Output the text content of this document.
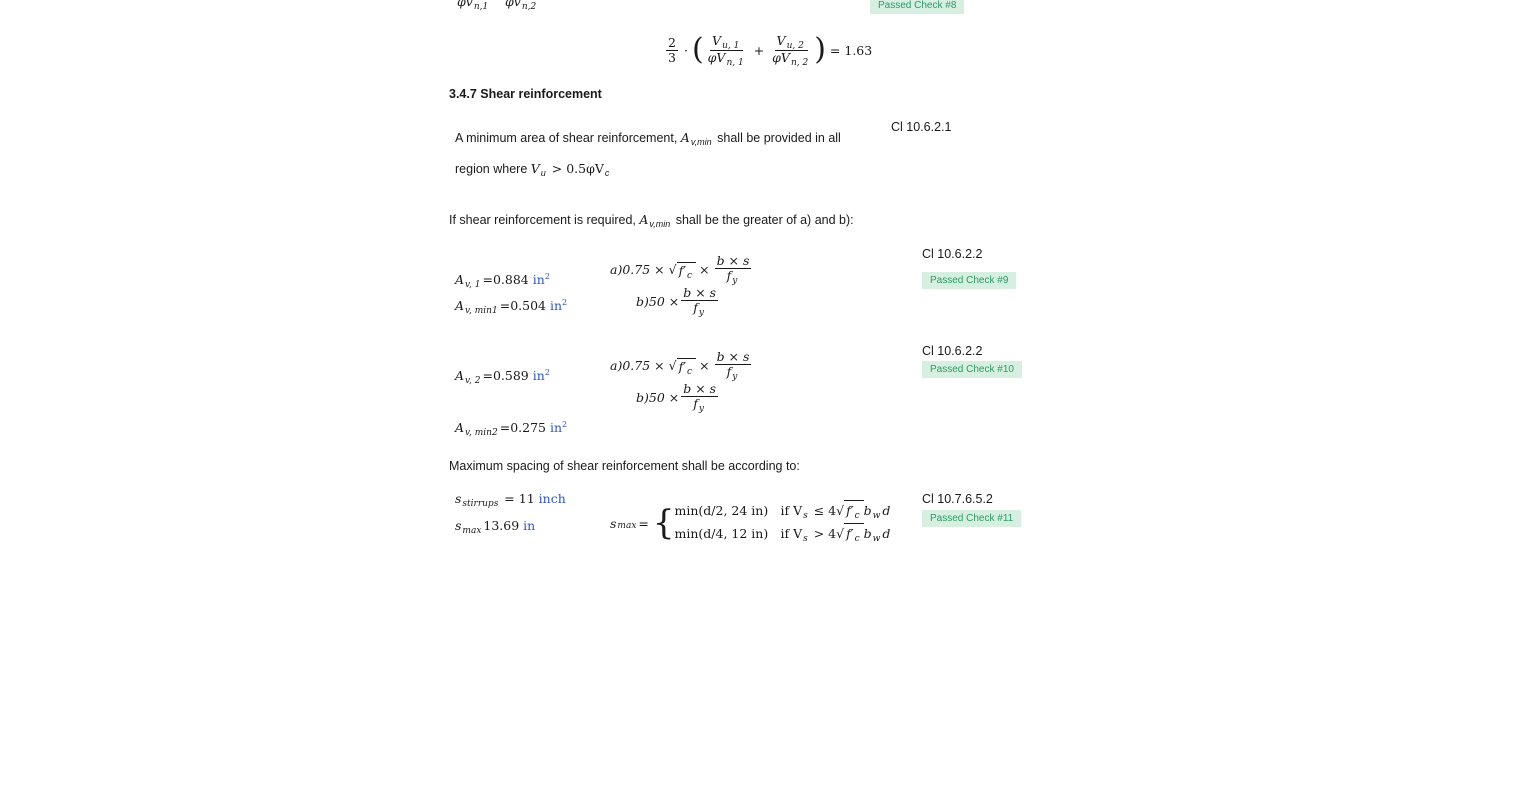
$\varphi v_{n,1}$ $\varphi v_{n,2}$	Passed Check #8
$\frac{2}{3}$ · ( $\frac{V_{u, 1}}{\varphi V_{n, 1}} + \frac{V_{u, 2}}{\varphi V_{n, 2}}$ ) = 1.63
3.4.7 Shear reinforcement
A minimum area of shear reinforcement, $A_{v,min}$ shall be provided in all
region where $V_u > 0.5\varphi V_c$
Cl 10.6.2.1
If shear reinforcement is required, $A_{v,min}$ shall be the greater of a) and b):
Cl 10.6.2.2
Passed Check #9
$A_{v, 1} =0.884$ $in^2$
$A_{v, min1} =0.504$ $in^2$
a)0.75 × √ $f'_c \times \frac{b \times s}{f_y}$
$b)50 \times \frac{b \times s}{f_y}$
Cl 10.6.2.2
Passed Check #10
$A_{v, 2} =0.589$ $in^2$
$A_{v, min2} =0.275$ $in^2$
a)0.75 × √ $f'_c \times \frac{b \times s}{f_y}$
$b)50 \times \frac{b \times s}{f_y}$
Maximum spacing of shear reinforcement shall be according to:
Cl 10.7.6.5.2
Passed Check #11
$s_{stirrups} = 11$ inch
$s_{max}$ 13.69 in	s max = { min(d/2, 24 in) if $V_s \le 4√$ $f'_c$ $b_w$ d
min(d/4, 12 in) if $V_s > 4√$ $f'_c$ $b_w$ d
